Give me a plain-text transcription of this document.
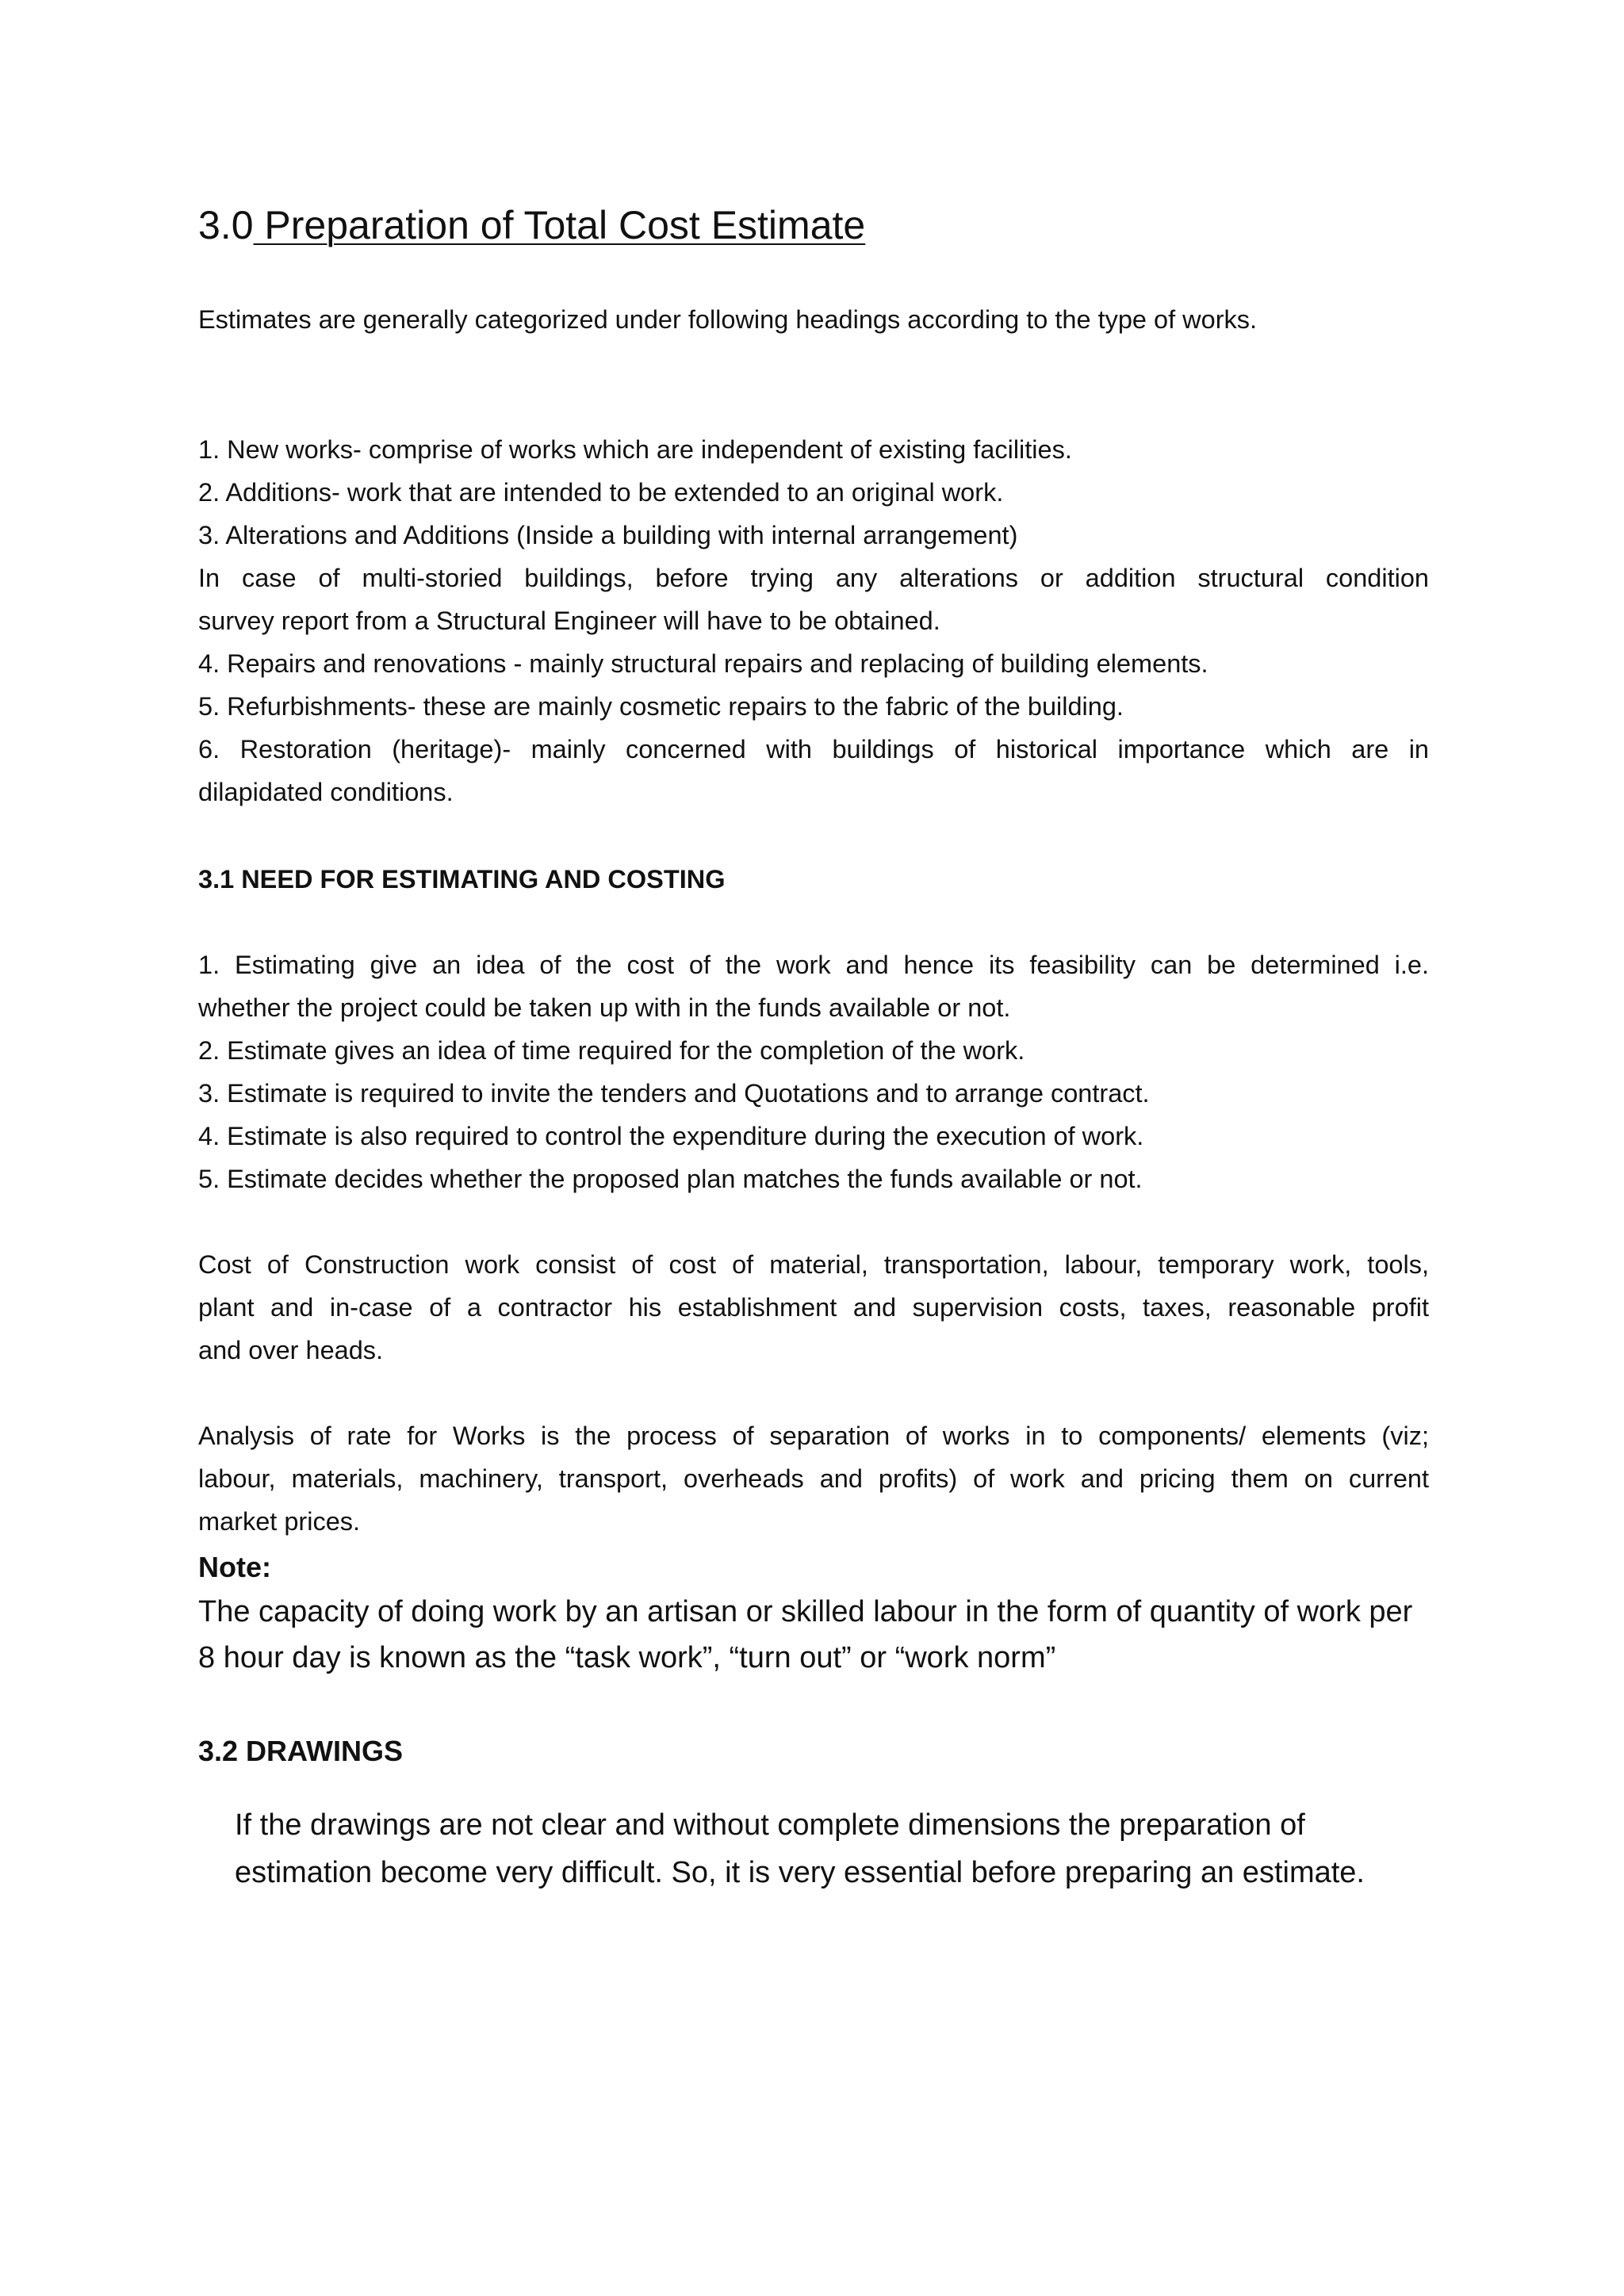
3.0 Preparation of Total Cost Estimate

Estimates are generally categorized under following headings according to the type of works.

1. New works- comprise of works which are independent of existing facilities.
2. Additions- work that are intended to be extended to an original work.
3. Alterations and Additions (Inside a building with internal arrangement)
In case of multi-storied buildings, before trying any alterations or addition structural condition
survey report from a Structural Engineer will have to be obtained.
4. Repairs and renovations - mainly structural repairs and replacing of building elements.
5. Refurbishments- these are mainly cosmetic repairs to the fabric of the building.
6. Restoration (heritage)- mainly concerned with buildings of historical importance which are in
dilapidated conditions.
3.1 NEED FOR ESTIMATING AND COSTING
1. Estimating give an idea of the cost of the work and hence its feasibility can be determined i.e.
whether the project could be taken up with in the funds available or not.
2. Estimate gives an idea of time required for the completion of the work.
3. Estimate is required to invite the tenders and Quotations and to arrange contract.
4. Estimate is also required to control the expenditure during the execution of work.
5. Estimate decides whether the proposed plan matches the funds available or not.
Cost of Construction work consist of cost of material, transportation, labour, temporary work, tools,
plant and in-case of a contractor his establishment and supervision costs, taxes, reasonable profit
and over heads.
Analysis of rate for Works is the process of separation of works in to components/ elements (viz;
labour, materials, machinery, transport, overheads and profits) of work and pricing them on current
market prices.

Note:

The capacity of doing work by an artisan or skilled labour in the form of quantity of work per
8 hour day is known as the “task work”, “turn out” or “work norm”
3.2 DRAWINGS
If the drawings are not clear and without complete dimensions the preparation of
estimation become very difficult. So, it is very essential before preparing an estimate.
